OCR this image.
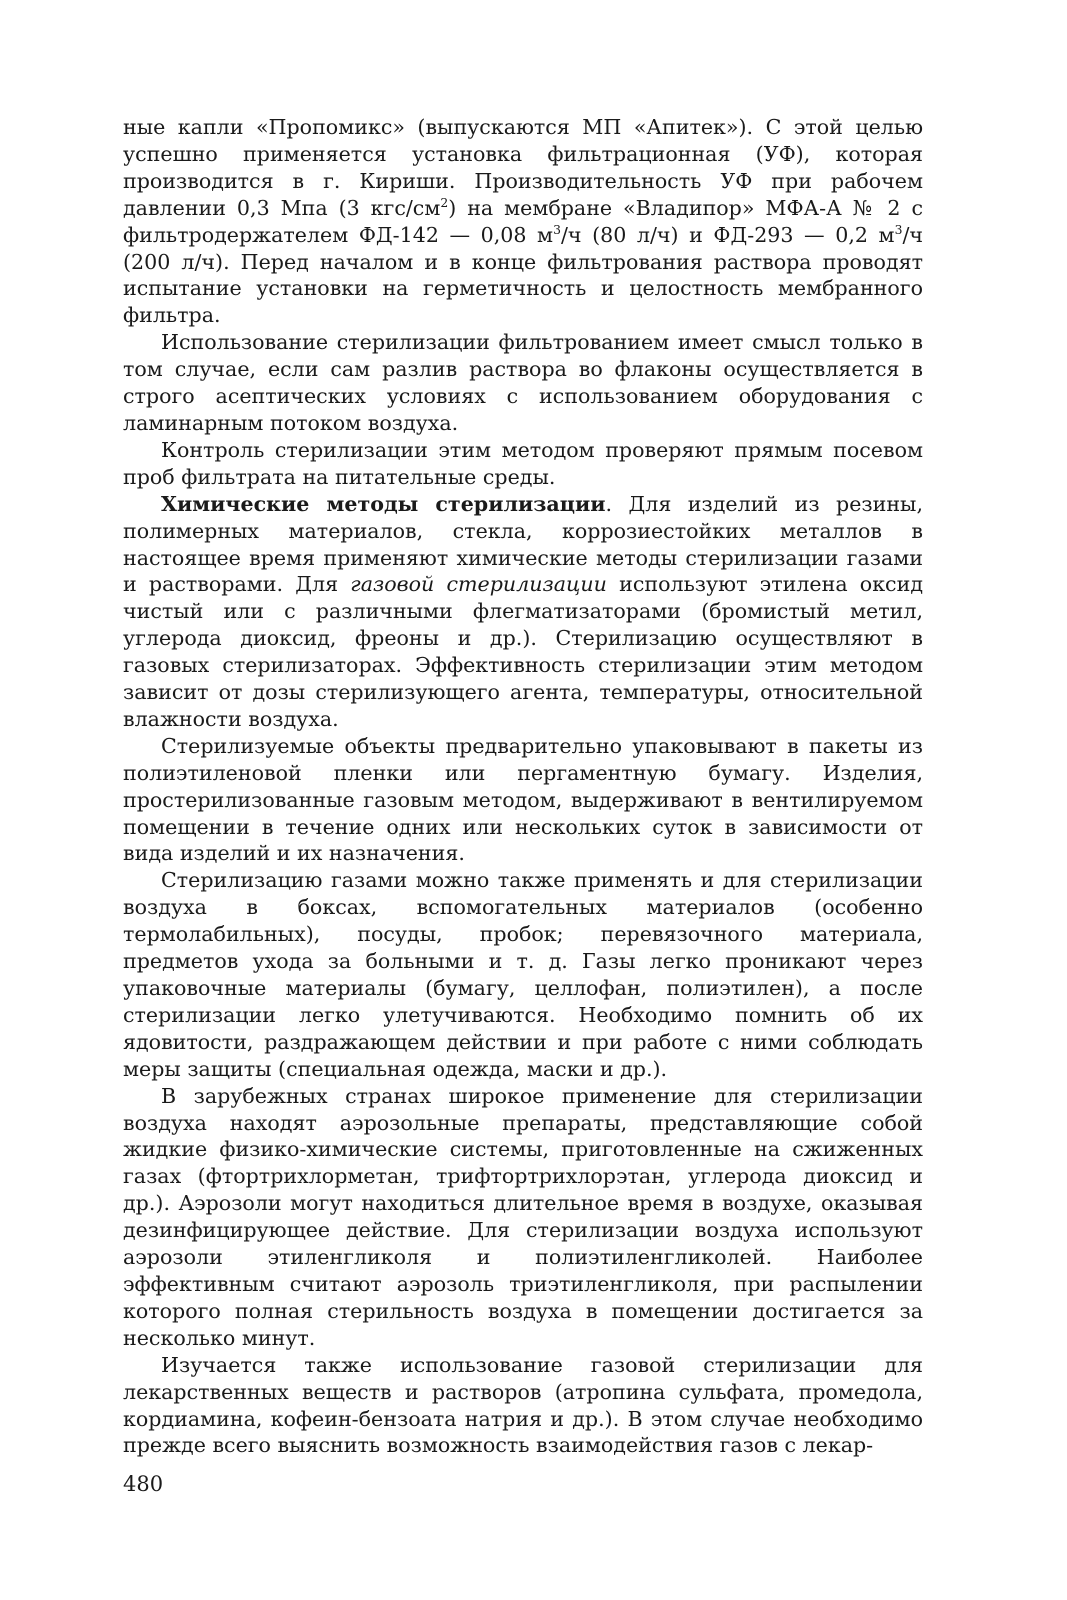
ные капли «Пропомикс» (выпускаются МП «Апитек»). С этой целью успешно применяется установка фильтрационная (УФ), которая производится в г. Кириши. Производительность УФ при рабочем давлении 0,3 Мпа (3 кгс/$см^2$) на мембране «Владипор» МФА-А № 2 с фильтродержателем ФД-142 — 0,08 $м^3/ч$ (80 л/ч) и ФД-293 — 0,2 $м^3/ч$ (200 л/ч). Перед началом и в конце фильтрования раствора проводят испытание установки на герметичность и целостность мембранного фильтра.

Использование стерилизации фильтрованием имеет смысл только в том случае, если сам разлив раствора во флаконы осуществляется в строго асептических условиях с использованием оборудования с ламинарным потоком воздуха.

Контроль стерилизации этим методом проверяют прямым посевом проб фильтрата на питательные среды.

Химические методы стерилизации. Для изделий из резины, полимерных материалов, стекла, коррозиестойких металлов в настоящее время применяют химические методы стерилизации газами и растворами. Для газовой стерилизации используют этилена оксид чистый или с различными флегматизаторами (бромистый метил, углерода диоксид, фреоны и др.). Стерилизацию осуществляют в газовых стерилизаторах. Эффективность стерилизации этим методом зависит от дозы стерилизующего агента, температуры, относительной влажности воздуха.

Стерилизуемые объекты предварительно упаковывают в пакеты из полиэтиленовой пленки или пергаментную бумагу. Изделия, простерилизованные газовым методом, выдерживают в вентилируемом помещении в течение одних или нескольких суток в зависимости от вида изделий и их назначения.

Стерилизацию газами можно также применять и для стерилизации воздуха в боксах, вспомогательных материалов (особенно термолабильных), посуды, пробок; перевязочного материала, предметов ухода за больными и т. д. Газы легко проникают через упаковочные материалы (бумагу, целлофан, полиэтилен), а после стерилизации легко улетучиваются. Необходимо помнить об их ядовитости, раздражающем действии и при работе с ними соблюдать меры защиты (специальная одежда, маски и др.).

В зарубежных странах широкое применение для стерилизации воздуха находят аэрозольные препараты, представляющие собой жидкие физико-химические системы, приготовленные на сжиженных газах (фтортрихлорметан, трифтортрихлорэтан, углерода диоксид и др.). Аэрозоли могут находиться длительное время в воздухе, оказывая дезинфицирующее действие. Для стерилизации воздуха используют аэрозоли этиленгликоля и полиэтиленгликолей. Наиболее эффективным считают аэрозоль триэтиленгликоля, при распылении которого полная стерильность воздуха в помещении достигается за несколько минут.

Изучается также использование газовой стерилизации для лекарственных веществ и растворов (атропина сульфата, промедола, кордиамина, кофеин-бензоата натрия и др.). В этом случае необходимо прежде всего выяснить возможность взаимодействия газов с лекар-

480
